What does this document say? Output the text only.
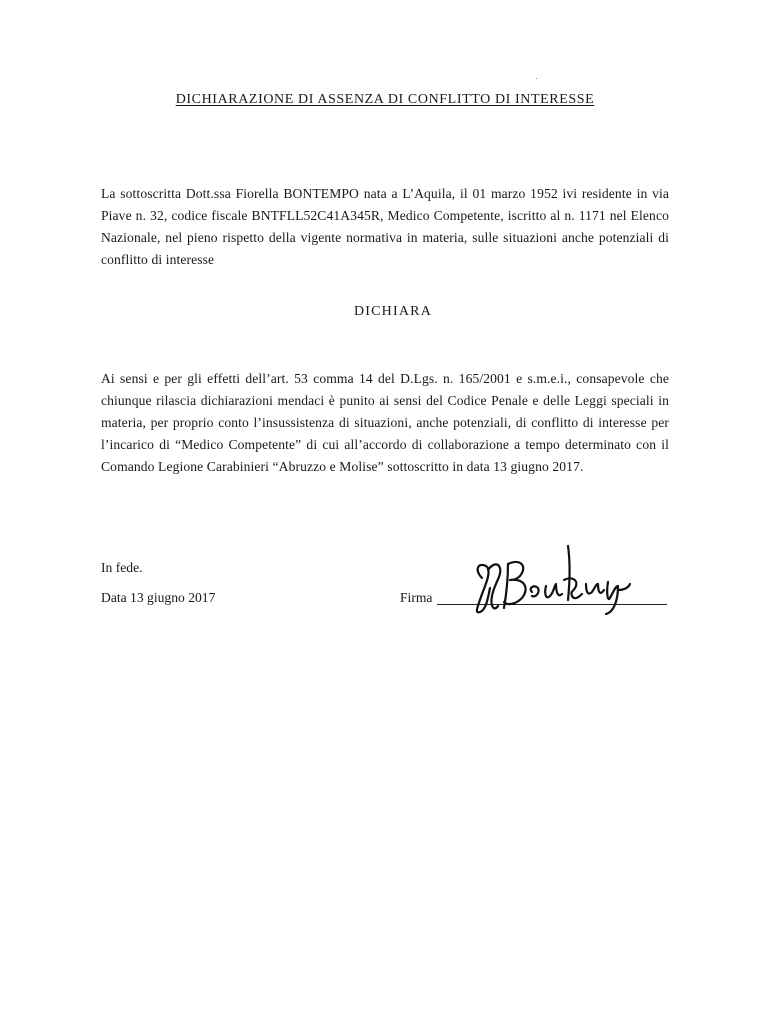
DICHIARAZIONE DI ASSENZA DI CONFLITTO DI INTERESSE
La sottoscritta Dott.ssa Fiorella BONTEMPO nata a L’Aquila, il 01 marzo 1952 ivi residente in via Piave n. 32, codice fiscale BNTFLL52C41A345R, Medico Competente, iscritto al n. 1171 nel Elenco Nazionale, nel pieno rispetto della vigente normativa in materia, sulle situazioni anche potenziali di conflitto di interesse
DICHIARA
Ai sensi e per gli effetti dell’art. 53 comma 14 del D.Lgs. n. 165/2001 e s.m.e.i., consapevole che chiunque rilascia dichiarazioni mendaci è punito ai sensi del Codice Penale e delle Leggi speciali in materia, per proprio conto l’insussistenza di situazioni, anche potenziali, di conflitto di interesse per l’incarico di “Medico Competente” di cui all’accordo di collaborazione a tempo determinato con il Comando Legione Carabinieri “Abruzzo e Molise” sottoscritto in data 13 giugno 2017.
In fede.
Data 13 giugno 2017	Firma
